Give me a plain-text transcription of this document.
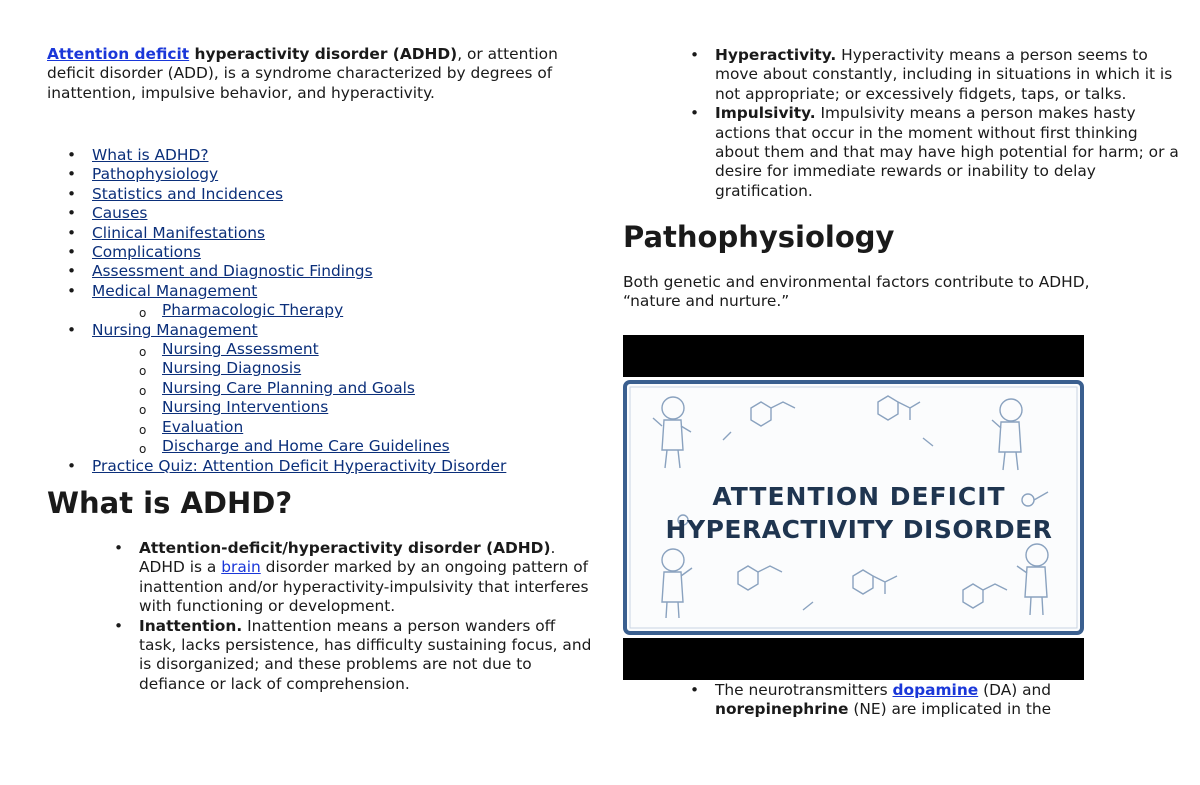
Attention deficit hyperactivity disorder (ADHD), or attention deficit disorder (ADD), is a syndrome characterized by degrees of inattention, impulsive behavior, and hyperactivity.

• What is ADHD?
• Pathophysiology
• Statistics and Incidences
• Causes
• Clinical Manifestations
• Complications
• Assessment and Diagnostic Findings
• Medical Management
o Pharmacologic Therapy
• Nursing Management
o Nursing Assessment
o Nursing Diagnosis
o Nursing Care Planning and Goals
o Nursing Interventions
o Evaluation
o Discharge and Home Care Guidelines
• Practice Quiz: Attention Deficit Hyperactivity Disorder
What is ADHD?
• Attention-deficit/hyperactivity disorder (ADHD). ADHD is a brain disorder marked by an ongoing pattern of inattention and/or hyperactivity-impulsivity that interferes with functioning or development.
• Inattention. Inattention means a person wanders off task, lacks persistence, has difficulty sustaining focus, and is disorganized; and these problems are not due to defiance or lack of comprehension.
• Hyperactivity. Hyperactivity means a person seems to move about constantly, including in situations in which it is not appropriate; or excessively fidgets, taps, or talks.
• Impulsivity. Impulsivity means a person makes hasty actions that occur in the moment without first thinking about them and that may have high potential for harm; or a desire for immediate rewards or inability to delay gratification.
Pathophysiology

Both genetic and environmental factors contribute to ADHD, “nature and nurture.”

ATTENTION DEFICIT
HYPERACTIVITY DISORDER
• The neurotransmitters dopamine (DA) and norepinephrine (NE) are implicated in the
